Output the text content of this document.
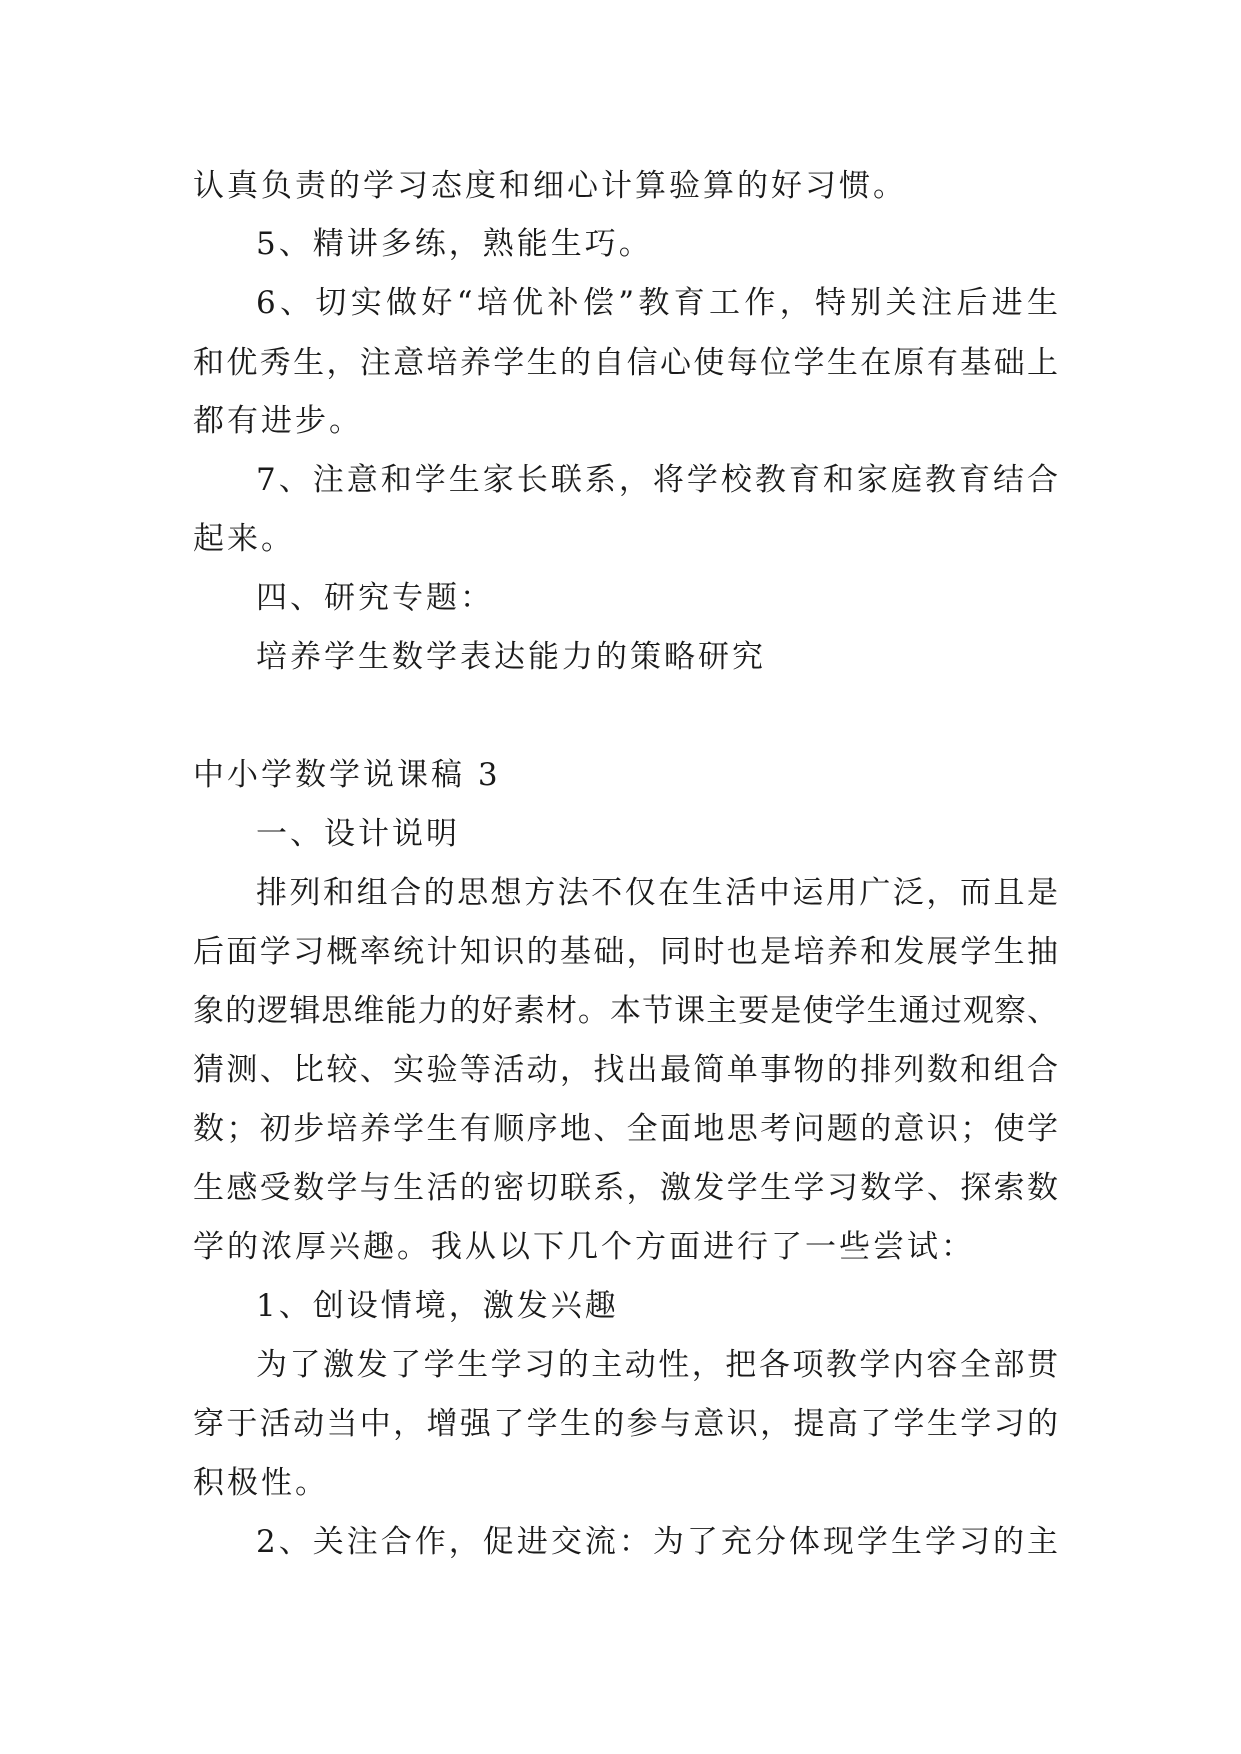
认真负责的学习态度和细心计算验算的好习惯。
5、精讲多练，熟能生巧。
6、切实做好“培优补偿”教育工作，特别关注后进生
和优秀生，注意培养学生的自信心使每位学生在原有基础上
都有进步。
7、注意和学生家长联系，将学校教育和家庭教育结合
起来。
四、研究专题：
培养学生数学表达能力的策略研究
中小学数学说课稿 3
一、设计说明
排列和组合的思想方法不仅在生活中运用广泛，而且是
后面学习概率统计知识的基础，同时也是培养和发展学生抽
象的逻辑思维能力的好素材。本节课主要是使学生通过观察、
猜测、比较、实验等活动，找出最简单事物的排列数和组合
数；初步培养学生有顺序地、全面地思考问题的意识；使学
生感受数学与生活的密切联系，激发学生学习数学、探索数
学的浓厚兴趣。我从以下几个方面进行了一些尝试：
1、创设情境，激发兴趣
为了激发了学生学习的主动性，把各项教学内容全部贯
穿于活动当中，增强了学生的参与意识，提高了学生学习的
积极性。
2、关注合作，促进交流：为了充分体现学生学习的主
